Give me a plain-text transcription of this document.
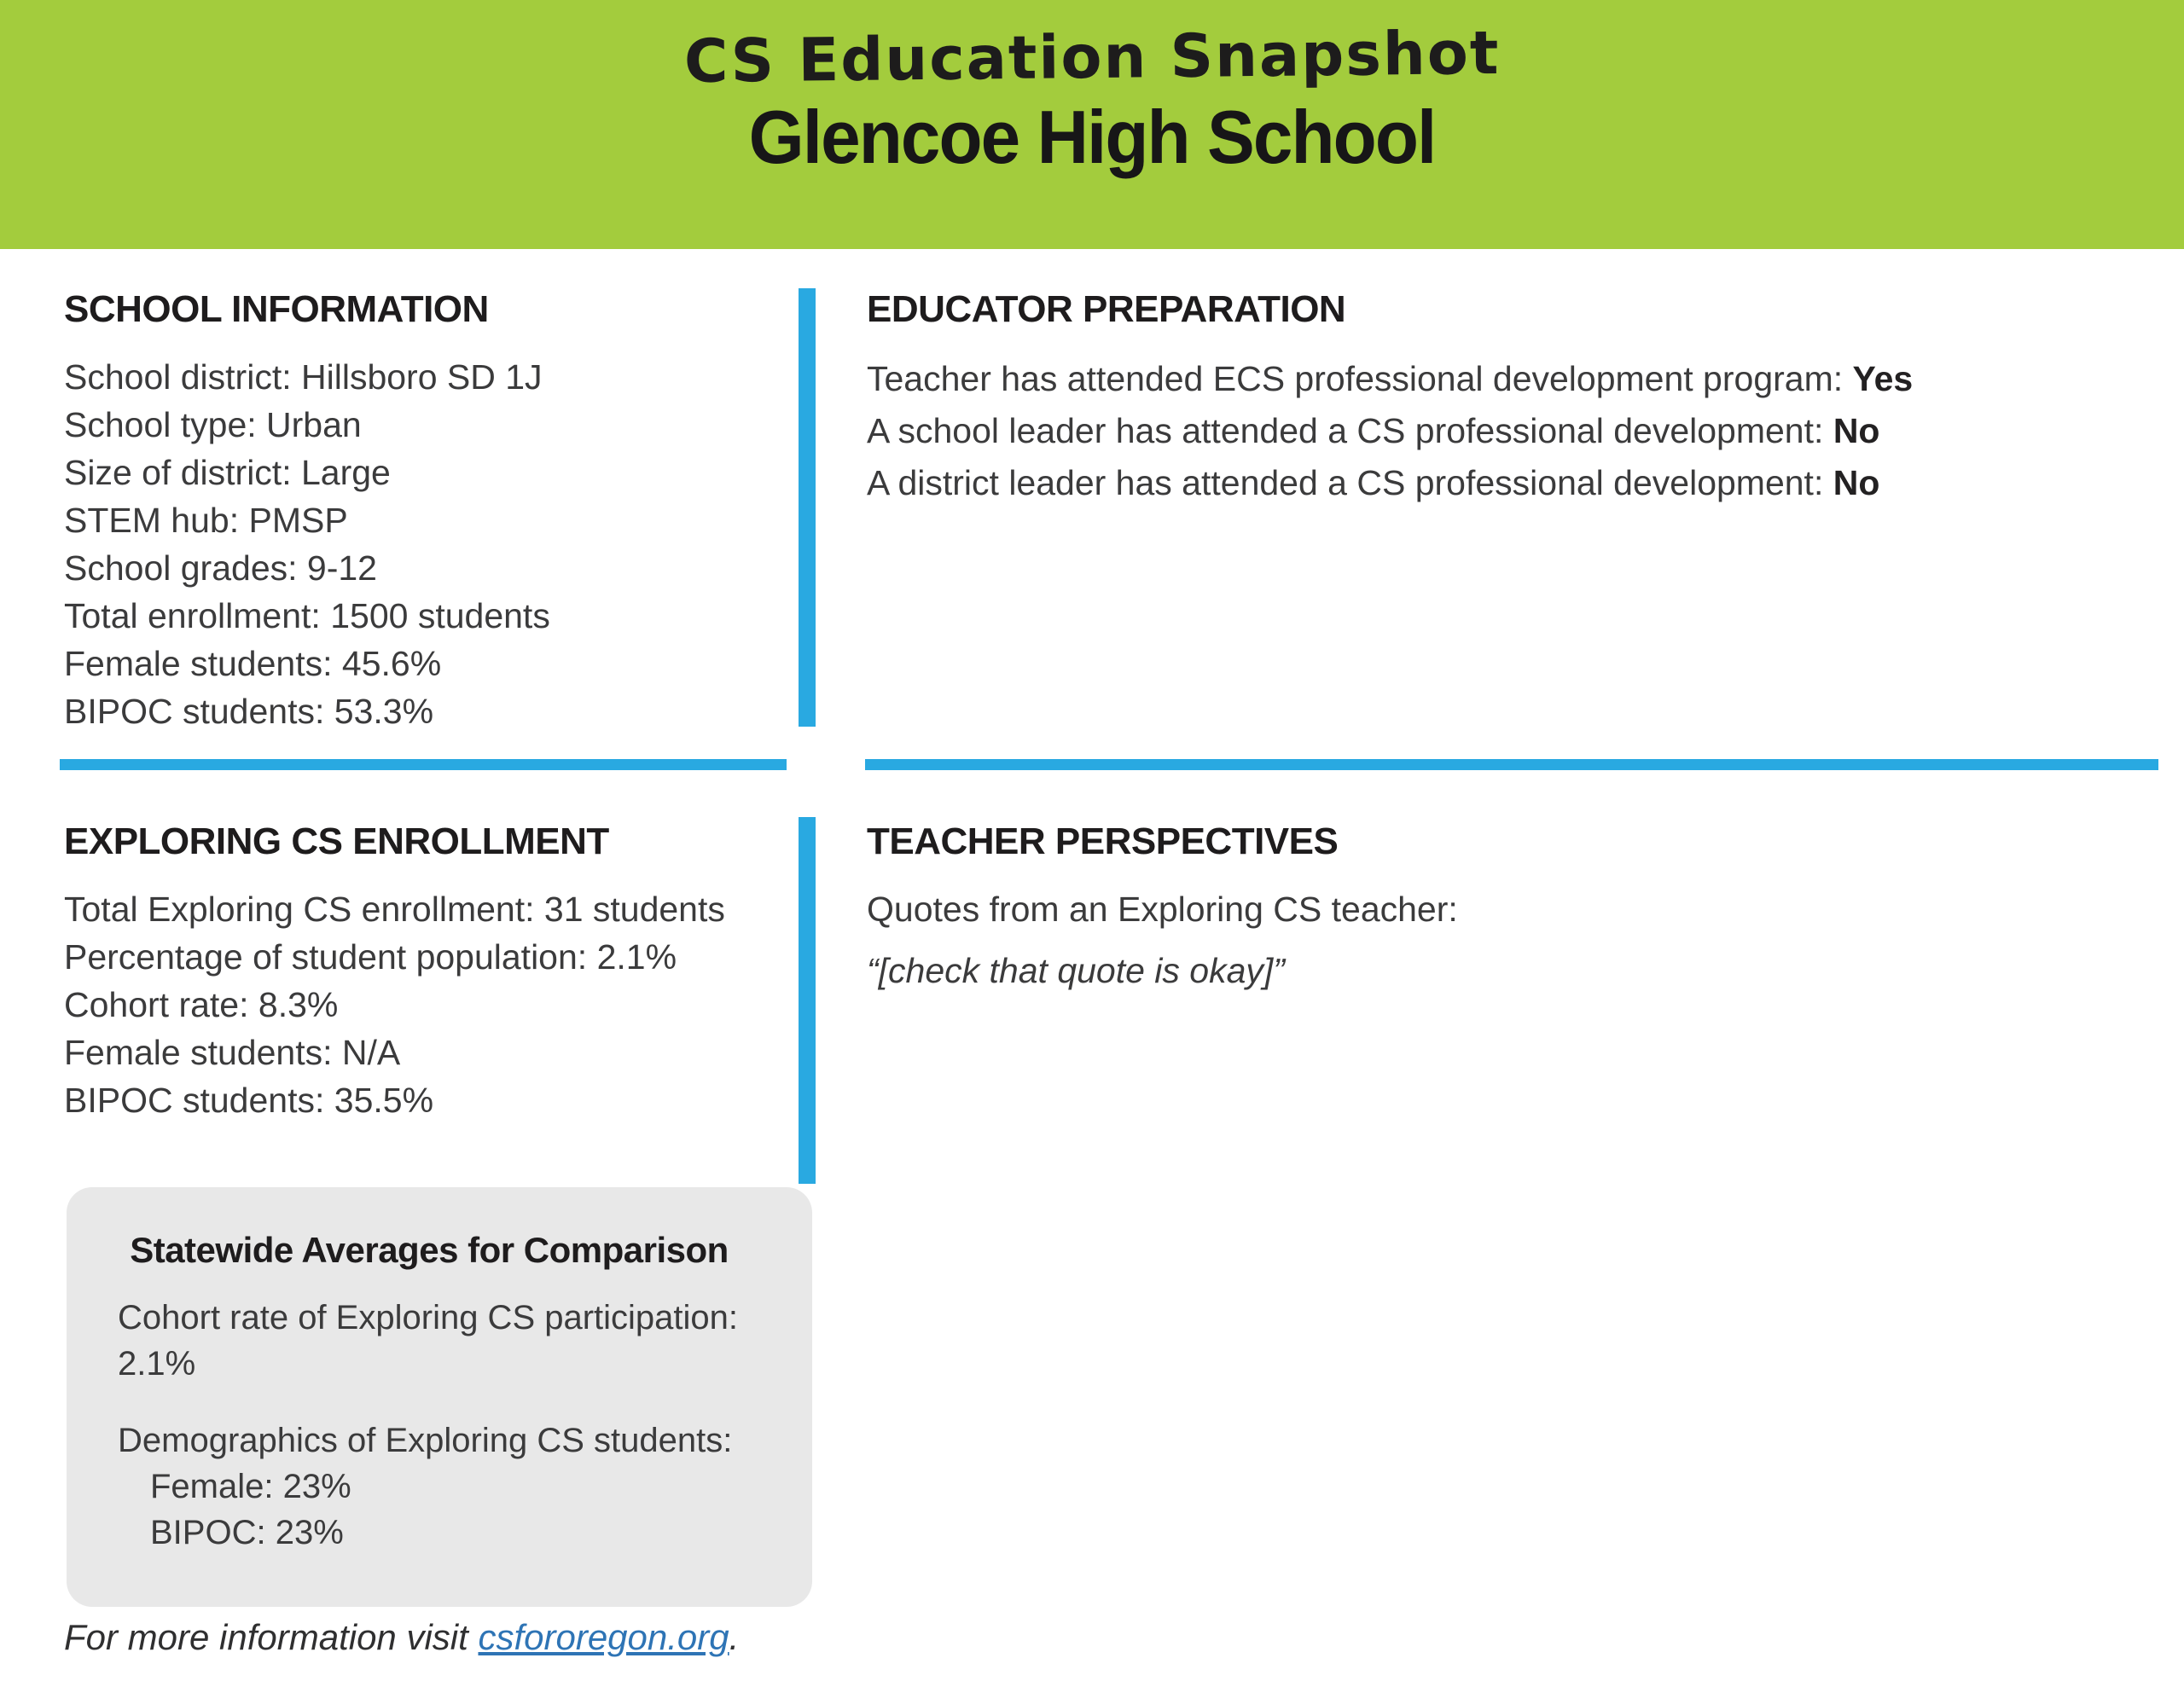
CS Education Snapshot
Glencoe High School
SCHOOL INFORMATION
School district: Hillsboro SD 1J
School type: Urban
Size of district: Large
STEM hub: PMSP
School grades: 9-12
Total enrollment: 1500 students
Female students: 45.6%
BIPOC students: 53.3%
EDUCATOR PREPARATION
Teacher has attended ECS professional development program: Yes
A school leader has attended a CS professional development: No
A district leader has attended a CS professional development: No
EXPLORING CS ENROLLMENT
Total Exploring CS enrollment: 31 students
Percentage of student population: 2.1%
Cohort rate: 8.3%
Female students: N/A
BIPOC students: 35.5%
TEACHER PERSPECTIVES
Quotes from an Exploring CS teacher:
“[check that quote is okay]”
Statewide Averages for Comparison
Cohort rate of Exploring CS participation: 2.1%
Demographics of Exploring CS students:
Female: 23%
BIPOC: 23%
For more information visit csfororegon.org.
